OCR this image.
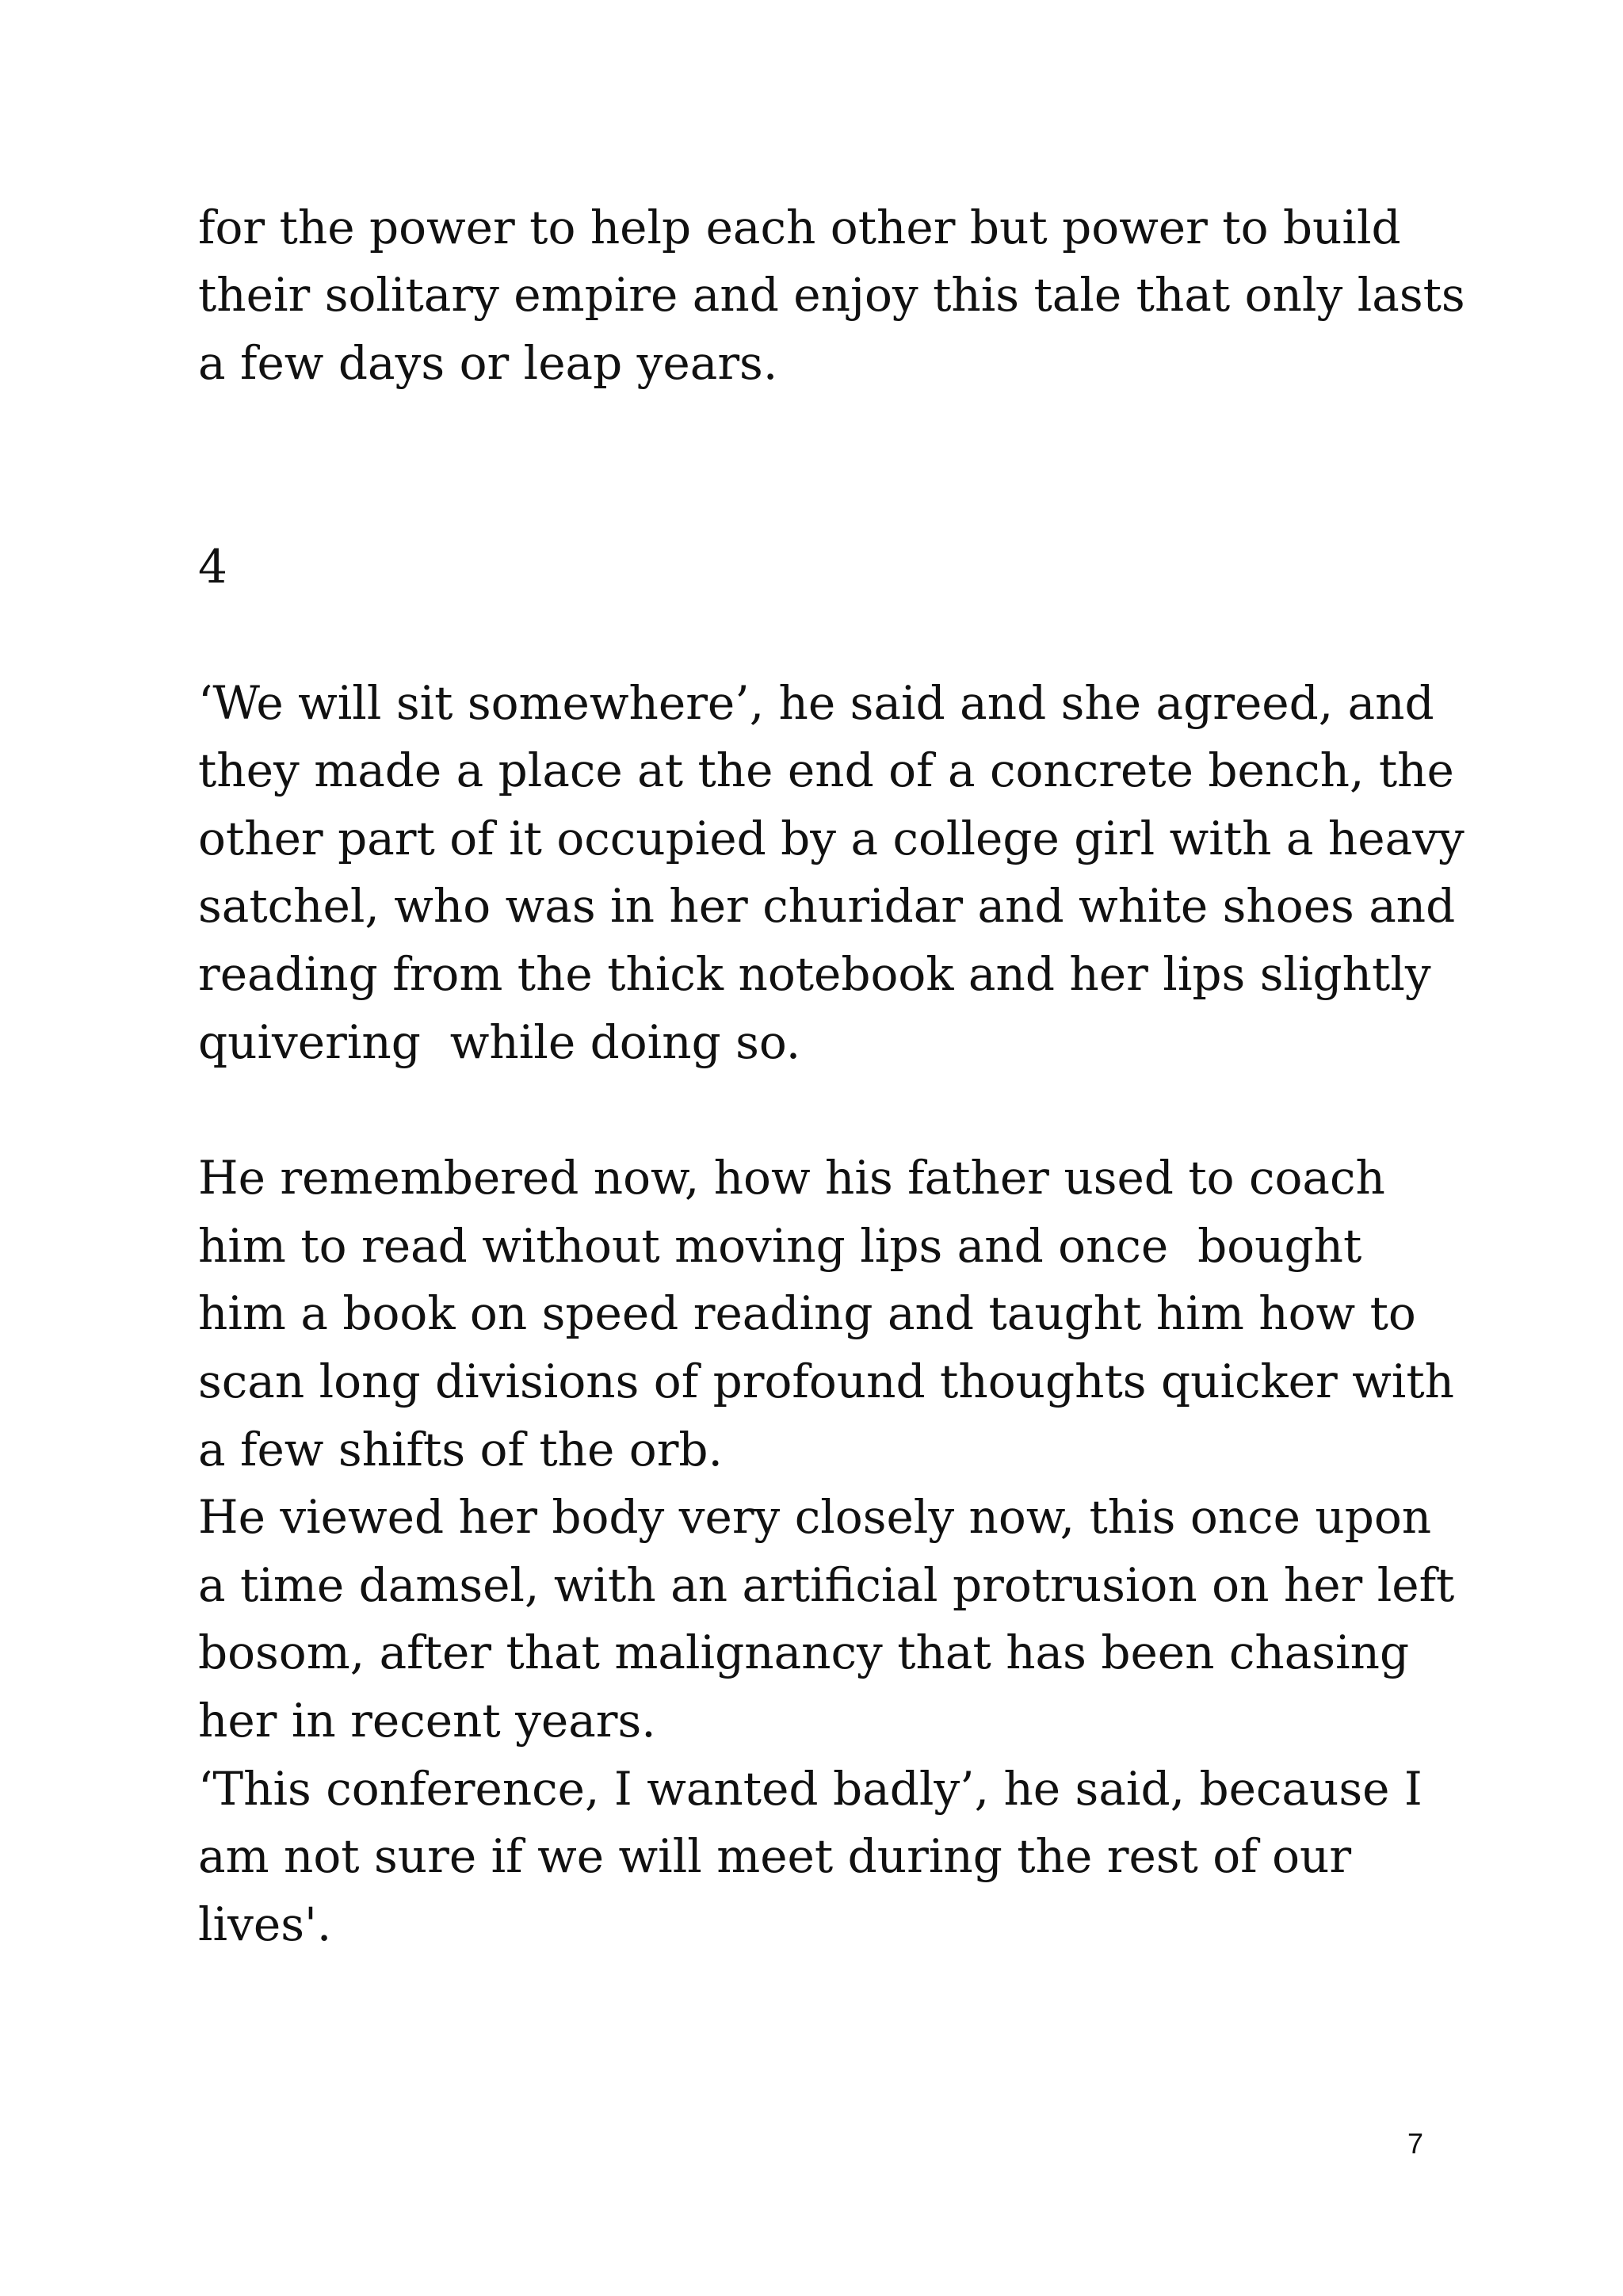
for the power to help each other but power to build

their solitary empire and enjoy this tale that only lasts

a few days or leap years.

4

‘We will sit somewhere’, he said and she agreed, and

they made a place at the end of a concrete bench, the

other part of it occupied by a college girl with a heavy

satchel, who was in her churidar and white shoes and

reading from the thick notebook and her lips slightly

quivering  while doing so.

He remembered now, how his father used to coach

him to read without moving lips and once  bought

him a book on speed reading and taught him how to

scan long divisions of profound thoughts quicker with

a few shifts of the orb.

He viewed her body very closely now, this once upon

a time damsel, with an artificial protrusion on her left

bosom, after that malignancy that has been chasing

her in recent years.

‘This conference, I wanted badly’, he said, because I

am not sure if we will meet during the rest of our

lives'.

7
